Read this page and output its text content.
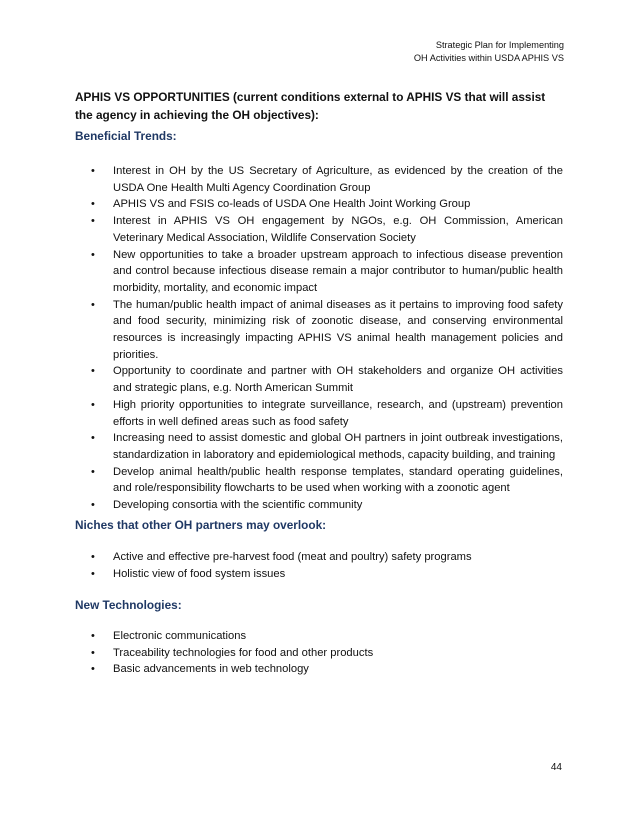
Strategic Plan for Implementing
OH Activities within USDA APHIS VS
APHIS VS OPPORTUNITIES (current conditions external to APHIS VS that will assist the agency in achieving the OH objectives):
Beneficial Trends:
• Interest in OH by the US Secretary of Agriculture, as evidenced by the creation of the USDA One Health Multi Agency Coordination Group
• APHIS VS and FSIS co-leads of USDA One Health Joint Working Group
• Interest in APHIS VS OH engagement by NGOs, e.g. OH Commission, American Veterinary Medical Association, Wildlife Conservation Society
• New opportunities to take a broader upstream approach to infectious disease prevention and control because infectious disease remain a major contributor to human/public health morbidity, mortality, and economic impact
• The human/public health impact of animal diseases as it pertains to improving food safety and food security, minimizing risk of zoonotic disease, and conserving environmental resources is increasingly impacting APHIS VS animal health management policies and priorities.
• Opportunity to coordinate and partner with OH stakeholders and organize OH activities and strategic plans, e.g. North American Summit
• High priority opportunities to integrate surveillance, research, and (upstream) prevention efforts in well defined areas such as food safety
• Increasing need to assist domestic and global OH partners in joint outbreak investigations, standardization in laboratory and epidemiological methods, capacity building, and training
• Develop animal health/public health response templates, standard operating guidelines, and role/responsibility flowcharts to be used when working with a zoonotic agent
• Developing consortia with the scientific community
Niches that other OH partners may overlook:
• Active and effective pre-harvest food (meat and poultry) safety programs
• Holistic view of food system issues
New Technologies:
• Electronic communications
• Traceability technologies for food and other products
• Basic advancements in web technology
44
